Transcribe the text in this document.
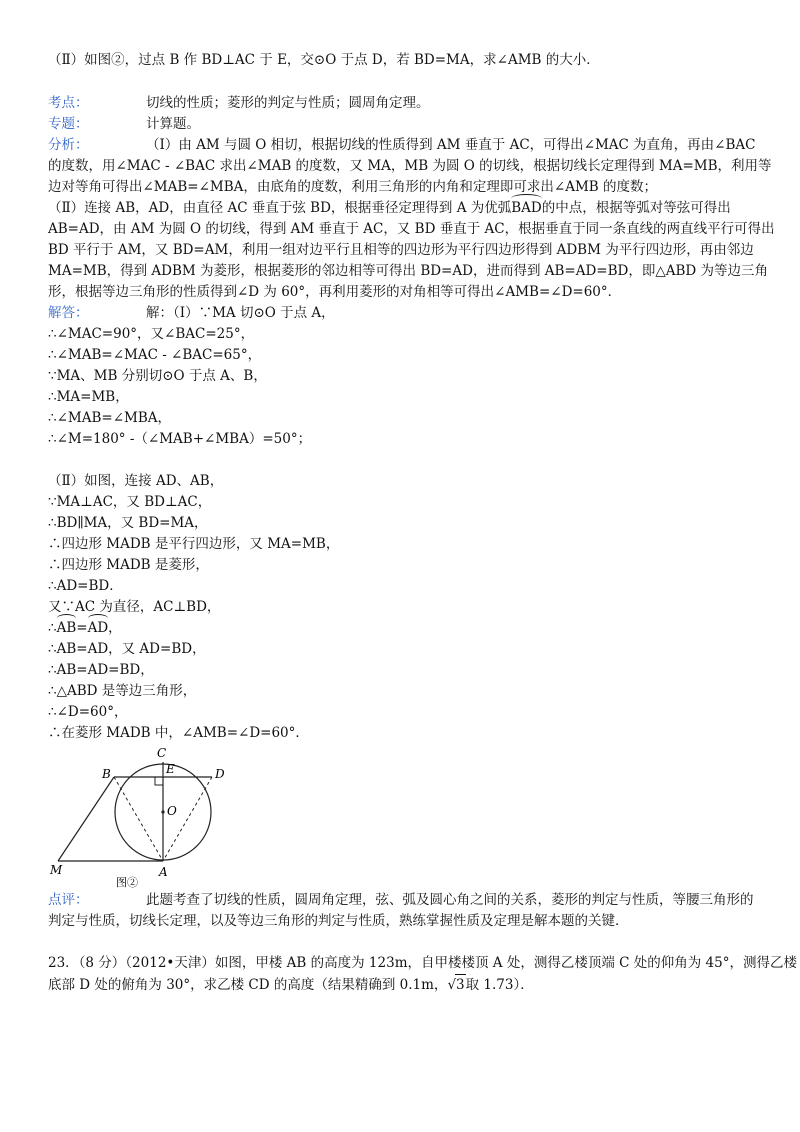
（Ⅱ）如图②，过点 B 作 BD⊥AC 于 E，交⊙O 于点 D，若 BD=MA，求∠AMB 的大小．
考点：	切线的性质；菱形的判定与性质；圆周角定理。
专题：	计算题。
分析：	（Ⅰ）由 AM 与圆 O 相切，根据切线的性质得到 AM 垂直于 AC，可得出∠MAC 为直角，再由∠BAC
的度数，用∠MAC - ∠BAC 求出∠MAB 的度数，又 MA，MB 为圆 O 的切线，根据切线长定理得到 MA=MB，利用等
边对等角可得出∠MAB=∠MBA，由底角的度数，利用三角形的内角和定理即可求出∠AMB 的度数；
（Ⅱ）连接 AB，AD，由直径 AC 垂直于弦 BD，根据垂径定理得到 A 为优弧BAD的中点，根据等弧对等弦可得出
AB=AD，由 AM 为圆 O 的切线，得到 AM 垂直于 AC，又 BD 垂直于 AC，根据垂直于同一条直线的两直线平行可得出
BD 平行于 AM，又 BD=AM，利用一组对边平行且相等的四边形为平行四边形得到 ADBM 为平行四边形，再由邻边
MA=MB，得到 ADBM 为菱形，根据菱形的邻边相等可得出 BD=AD，进而得到 AB=AD=BD，即△ABD 为等边三角
形，根据等边三角形的性质得到∠D 为 60°，再利用菱形的对角相等可得出∠AMB=∠D=60°．
解答：	解：（Ⅰ）∵MA 切⊙O 于点 A，
∴∠MAC=90°，又∠BAC=25°，
∴∠MAB=∠MAC - ∠BAC=65°，
∵MA、MB 分别切⊙O 于点 A、B，
∴MA=MB，
∴∠MAB=∠MBA，
∴∠M=180° -（∠MAB+∠MBA）=50°；
（Ⅱ）如图，连接 AD、AB，
∵MA⊥AC，又 BD⊥AC，
∴BD∥MA，又 BD=MA，
∴四边形 MADB 是平行四边形，又 MA=MB，
∴四边形 MADB 是菱形，
∴AD=BD．
又∵AC 为直径，AC⊥BD，
∴AB=AD，
∴AB=AD，又 AD=BD，
∴AB=AD=BD，
∴△ABD 是等边三角形，
∴∠D=60°，
∴在菱形 MADB 中，∠AMB=∠D=60°．
C
B	E	D
O
M	A
图②
点评：	此题考查了切线的性质，圆周角定理，弦、弧及圆心角之间的关系，菱形的判定与性质，等腰三角形的
判定与性质，切线长定理，以及等边三角形的判定与性质，熟练掌握性质及定理是解本题的关键．
23．（8 分）（2012•天津）如图，甲楼 AB 的高度为 123m，自甲楼楼顶 A 处，测得乙楼顶端 C 处的仰角为 45°，测得乙楼
底部 D 处的俯角为 30°，求乙楼 CD 的高度（结果精确到 0.1m，√3取 1.73）．
